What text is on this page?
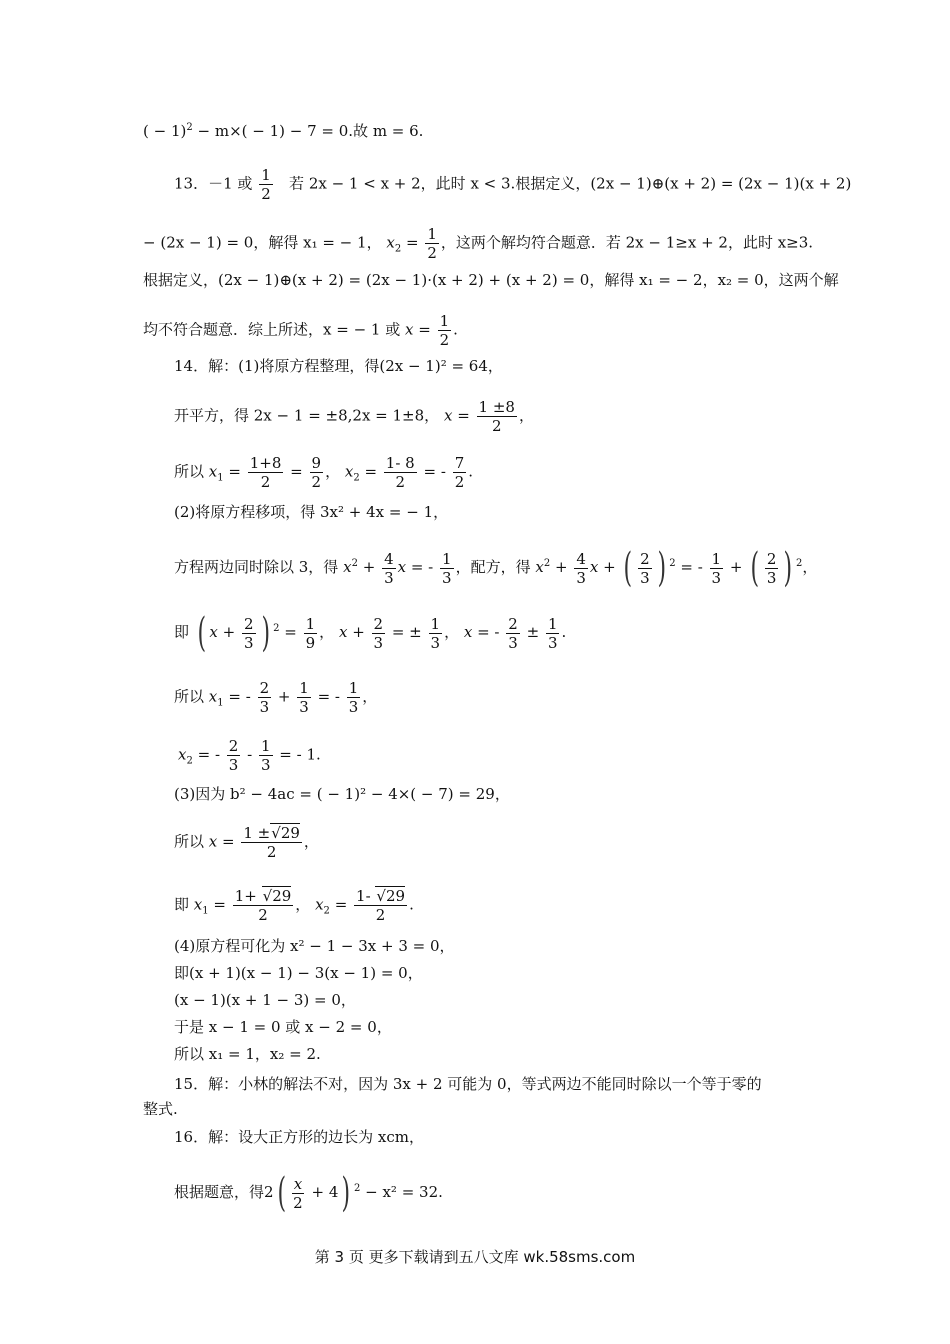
( − 1)$^2$ − m×( − 1) − 7 = 0.故 m = 6.
13．－1 或 $\frac{1}{2}$ 若 2x − 1 < x + 2，此时 x < 3.根据定义，(2x − 1)⊕(x + 2) = (2x − 1)(x + 2)
− (2x − 1) = 0，解得 x₁ = − 1， $x_2 = \frac{1}{2}$ ，这两个解均符合题意．若 2x − 1≥x + 2，此时 x≥3.
根据定义，(2x − 1)⊕(x + 2) = (2x − 1)·(x + 2) + (x + 2) = 0，解得 x₁ = − 2，x₂ = 0，这两个解
均不符合题意．综上所述，x = − 1 或 $x = \frac{1}{2}$ .
14．解：(1)将原方程整理，得(2x − 1)² = 64，
开平方，得 2x − 1 = ±8,2x = 1±8， $x = \frac{1 \pm 8}{2}$ ，
所以 $x_1 = \frac{1+8}{2} = \frac{9}{2}$ ， $x_2 = \frac{1- 8}{2}$ = - $\frac{7}{2}$ .
(2)将原方程移项，得 3x² + 4x = − 1，
方程两边同时除以 3，得 $x^2 + \frac{4}{3}$ x = - $\frac{1}{3}$ ，配方，得 $x^2 + \frac{4}{3}$ x + ( $\frac{2}{3}$ ) $^2$ = - $\frac{1}{3}$ + ( $\frac{2}{3}$ ) $^2$，
即 ( $x + \frac{2}{3}$ ) $^2 = \frac{1}{9}$ ， $x + \frac{2}{3}$ = ± $\frac{1}{3}$ ， x = - $\frac{2}{3} \pm \frac{1}{3}$ .
所以 $x_1$ = - $\frac{2}{3} + \frac{1}{3}$ = - $\frac{1}{3}$ ，
$x_2$ = - $\frac{2}{3} - \frac{1}{3}$ = - 1.
(3)因为 b² − 4ac = ( − 1)² − 4×( − 7) = 29，
所以 $x = \frac{1 \pm√29}{2}$ ，
即 $x_1 = \frac{1+ √29}{2}$ ， $x_2 = \frac{1- √29}{2}$ .
(4)原方程可化为 x² − 1 − 3x + 3 = 0，
即(x + 1)(x − 1) − 3(x − 1) = 0，
(x − 1)(x + 1 − 3) = 0，
于是 x − 1 = 0 或 x − 2 = 0，
所以 x₁ = 1，x₂ = 2.
15．解：小林的解法不对，因为 3x + 2 可能为 0，等式两边不能同时除以一个等于零的
整式.
16．解：设大正方形的边长为 xcm，
根据题意，得$2( \frac{x}{2} + 4)$ $^2$ − x² = 32.
第 3 页 更多下载请到五八文库 wk.58sms.com
